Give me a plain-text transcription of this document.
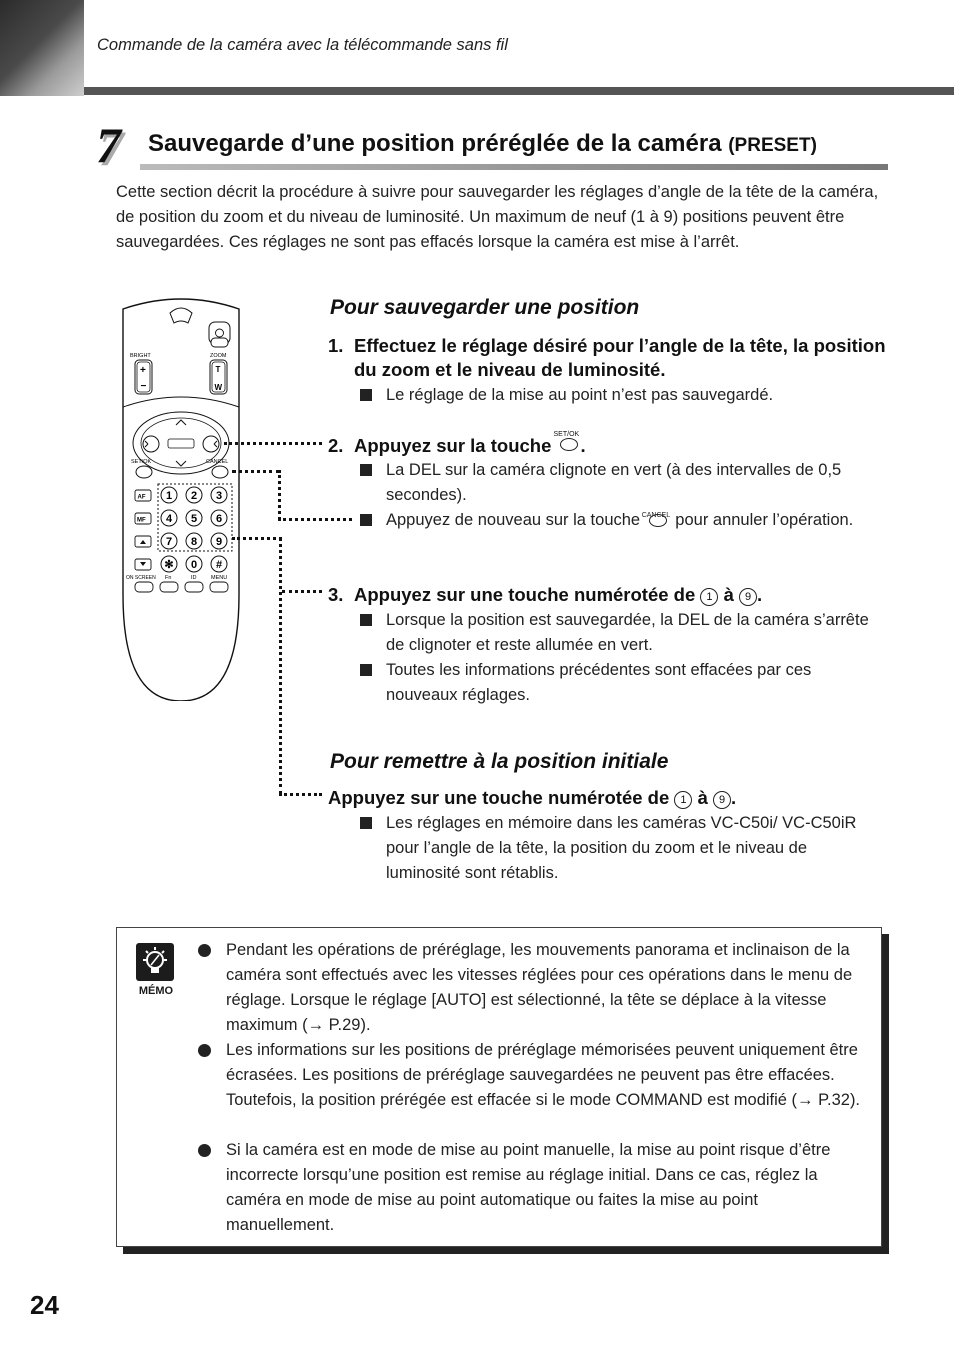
Commande de la caméra avec la télécommande sans fil
7 Sauvegarde d’une position préréglée de la caméra (PRESET)
Cette section décrit la procédure à suivre pour sauvegarder les réglages d’angle de la tête de la caméra, de position du zoom et du niveau de luminosité. Un maximum de neuf (1 à 9) positions peuvent être sauvegardées. Ces réglages ne sont pas effacés lorsque la caméra est mise à l’arrêt.
BRIGHT	ZOOM
+
−
T
W
SET/OK	CANCEL
AF
MF
1 2 3
4 5 6
7 8 9
✻ 0 #
ON SCREEN Fn	ID	MENU
Pour sauvegarder une position
1. Effectuez le réglage désiré pour l’angle de la tête, la position du zoom et le niveau de luminosité.
Le réglage de la mise au point n’est pas sauvegardé.
2. Appuyez sur la touche
SET/OK
.
La DEL sur la caméra clignote en vert (à des intervalles de 0,5 secondes).
Appuyez de nouveau sur la touche CANCEL pour annuler l’opération.
3. Appuyez sur une touche numérotée de 1 à 9 .
Lorsque la position est sauvegardée, la DEL de la caméra s’arrête de clignoter et reste allumée en vert.
Toutes les informations précédentes sont effacées par ces nouveaux réglages.
Pour remettre à la position initiale
Appuyez sur une touche numérotée de 1 à 9 .
Les réglages en mémoire dans les caméras VC-C50i/ VC-C50iR pour l’angle de la tête, la position du zoom et le niveau de luminosité sont rétablis.
MÉMO
Pendant les opérations de préréglage, les mouvements panorama et inclinaison de la caméra sont effectués avec les vitesses réglées pour ces opérations dans le menu de réglage. Lorsque le réglage [AUTO] est sélectionné, la tête se déplace à la vitesse maximum (→ P.29).
Les informations sur les positions de préréglage mémorisées peuvent uniquement être écrasées. Les positions de préréglage sauvegardées ne peuvent pas être effacées. Toutefois, la position prérégée est effacée si le mode COMMAND est modifié (→ P.32).
Si la caméra est en mode de mise au point manuelle, la mise au point risque d’être incorrecte lorsqu’une position est remise au réglage initial. Dans ce cas, réglez la caméra en mode de mise au point automatique ou faites la mise au point manuellement.
24
